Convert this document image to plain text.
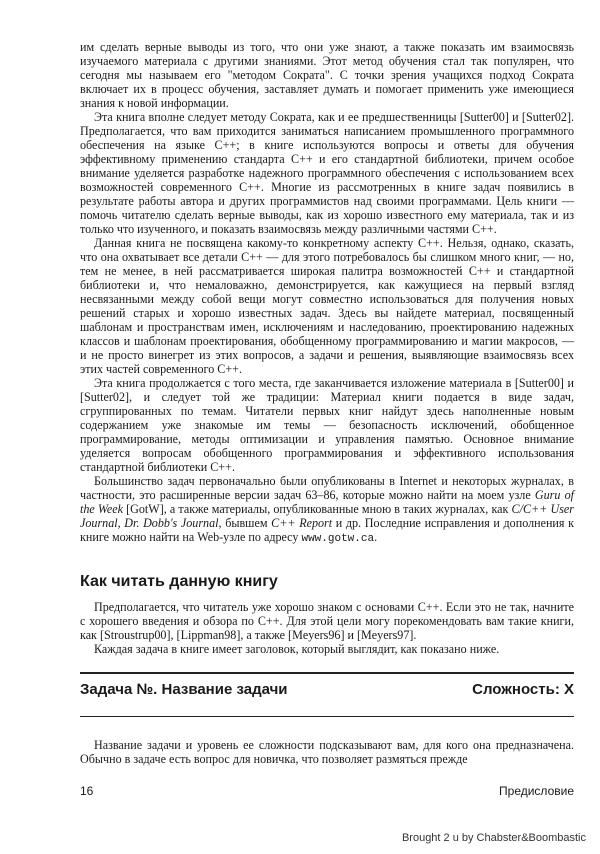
им сделать верные выводы из того, что они уже знают, а также показать им взаимосвязь изучаемого материала с другими знаниями. Этот метод обучения стал так популярен, что сегодня мы называем его "методом Сократа". С точки зрения учащихся подход Сократа включает их в процесс обучения, заставляет думать и помогает применить уже имеющиеся знания к новой информации.

Эта книга вполне следует методу Сократа, как и ее предшественницы [Sutter00] и [Sutter02]. Предполагается, что вам приходится заниматься написанием промышленного программного обеспечения на языке C++; в книге используются вопросы и ответы для обучения эффективному применению стандарта C++ и его стандартной библиотеки, причем особое внимание уделяется разработке надежного программного обеспечения с использованием всех возможностей современного C++. Многие из рассмотренных в книге задач появились в результате работы автора и других программистов над своими программами. Цель книги — помочь читателю сделать верные выводы, как из хорошо известного ему материала, так и из только что изученного, и показать взаимосвязь между различными частями C++.

Данная книга не посвящена какому-то конкретному аспекту C++. Нельзя, однако, сказать, что она охватывает все детали C++ — для этого потребовалось бы слишком много книг, — но, тем не менее, в ней рассматривается широкая палитра возможностей C++ и стандартной библиотеки и, что немаловажно, демонстрируется, как кажущиеся на первый взгляд несвязанными между собой вещи могут совместно использоваться для получения новых решений старых и хорошо известных задач. Здесь вы найдете материал, посвященный шаблонам и пространствам имен, исключениям и наследованию, проектированию надежных классов и шаблонам проектирования, обобщенному программированию и магии макросов, — и не просто винегрет из этих вопросов, а задачи и решения, выявляющие взаимосвязь всех этих частей современного C++.

Эта книга продолжается с того места, где заканчивается изложение материала в [Sutter00] и [Sutter02], и следует той же традиции: Материал книги подается в виде задач, сгруппированных по темам. Читатели первых книг найдут здесь наполненные новым содержанием уже знакомые им темы — безопасность исключений, обобщенное программирование, методы оптимизации и управления памятью. Основное внимание уделяется вопросам обобщенного программирования и эффективного использования стандартной библиотеки C++.

Большинство задач первоначально были опубликованы в Internet и некоторых журналах, в частности, это расширенные версии задач 63–86, которые можно найти на моем узле Guru of the Week [GotW], а также материалы, опубликованные мною в таких журналах, как C/C++ User Journal, Dr. Dobb's Journal, бывшем C++ Report и др. Последние исправления и дополнения к книге можно найти на Web-узле по адресу www.gotw.ca.

Как читать данную книгу

Предполагается, что читатель уже хорошо знаком с основами C++. Если это не так, начните с хорошего введения и обзора по C++. Для этой цели могу порекомендовать вам такие книги, как [Stroustrup00], [Lippman98], а также [Meyers96] и [Meyers97].

Каждая задача в книге имеет заголовок, который выглядит, как показано ниже.

Задача №. Название задачи	Сложность: X

Название задачи и уровень ее сложности подсказывают вам, для кого она предназначена. Обычно в задаче есть вопрос для новичка, что позволяет размяться прежде

16	Предисловие
Brought 2 u by Chabster&Boombastic
